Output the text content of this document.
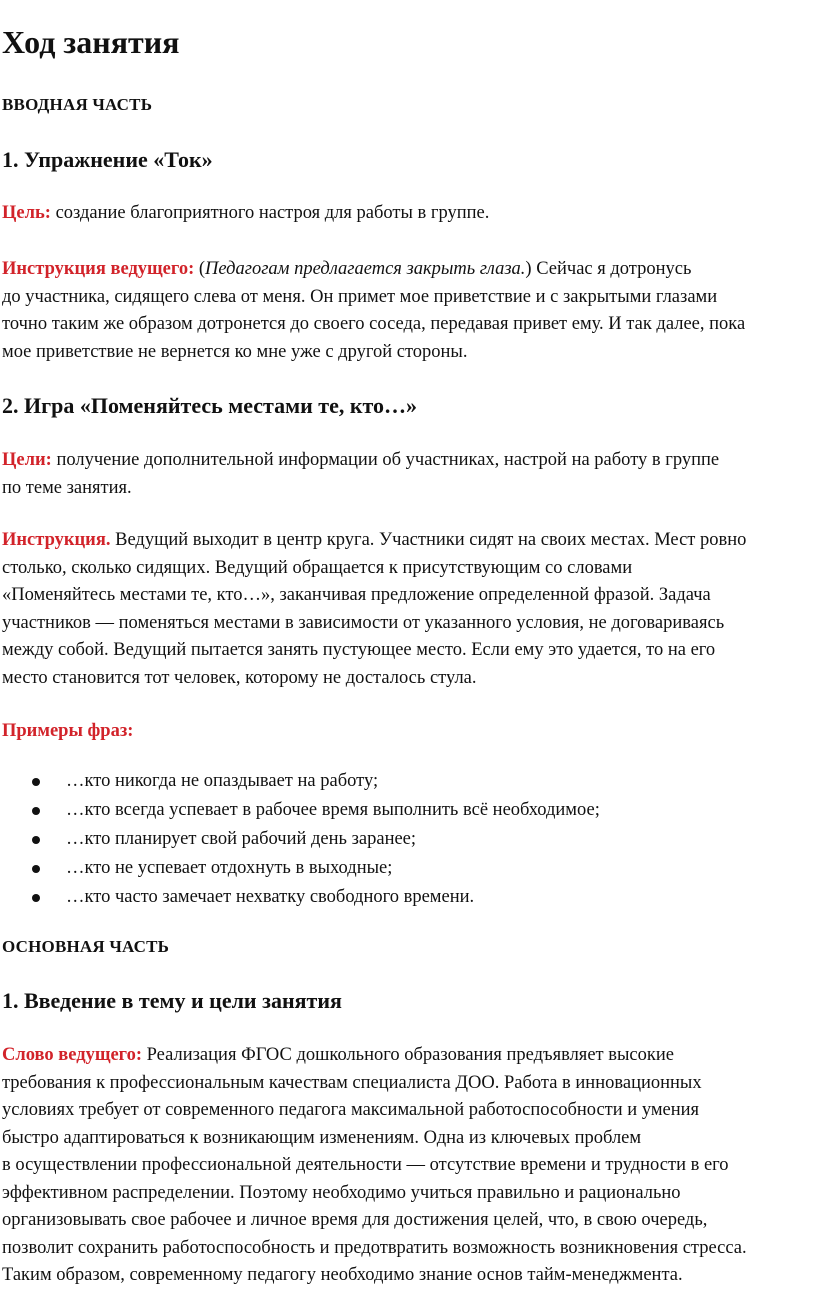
Ход занятия
ВВОДНАЯ ЧАСТЬ
1. Упражнение «Ток»

Цель: создание благоприятного настроя для работы в группе.

Инструкция ведущего: (Педагогам предлагается закрыть глаза.) Сейчас я дотронусь
до участника, сидящего слева от меня. Он примет мое приветствие и с закрытыми глазами
точно таким же образом дотронется до своего соседа, передавая привет ему. И так далее, пока
мое приветствие не вернется ко мне уже с другой стороны.

2. Игра «Поменяйтесь местами те, кто…»

Цели: получение дополнительной информации об участниках, настрой на работу в группе
по теме занятия.

Инструкция. Ведущий выходит в центр круга. Участники сидят на своих местах. Мест ровно
столько, сколько сидящих. Ведущий обращается к присутствующим со словами
«Поменяйтесь местами те, кто…», заканчивая предложение определенной фразой. Задача
участников — поменяться местами в зависимости от указанного условия, не договариваясь
между собой. Ведущий пытается занять пустующее место. Если ему это удается, то на его
место становится тот человек, которому не досталось стула.

Примеры фраз:
…кто никогда не опаздывает на работу;
…кто всегда успевает в рабочее время выполнить всё необходимое;
…кто планирует свой рабочий день заранее;
…кто не успевает отдохнуть в выходные;
…кто часто замечает нехватку свободного времени.
ОСНОВНАЯ ЧАСТЬ
1. Введение в тему и цели занятия

Слово ведущего: Реализация ФГОС дошкольного образования предъявляет высокие
требования к профессиональным качествам специалиста ДОО. Работа в инновационных
условиях требует от современного педагога максимальной работоспособности и умения
быстро адаптироваться к возникающим изменениям. Одна из ключевых проблем
в осуществлении профессиональной деятельности — отсутствие времени и трудности в его
эффективном распределении. Поэтому необходимо учиться правильно и рационально
организовывать свое рабочее и личное время для достижения целей, что, в свою очередь,
позволит сохранить работоспособность и предотвратить возможность возникновения стресса.
Таким образом, современному педагогу необходимо знание основ тайм-менеджмента.
